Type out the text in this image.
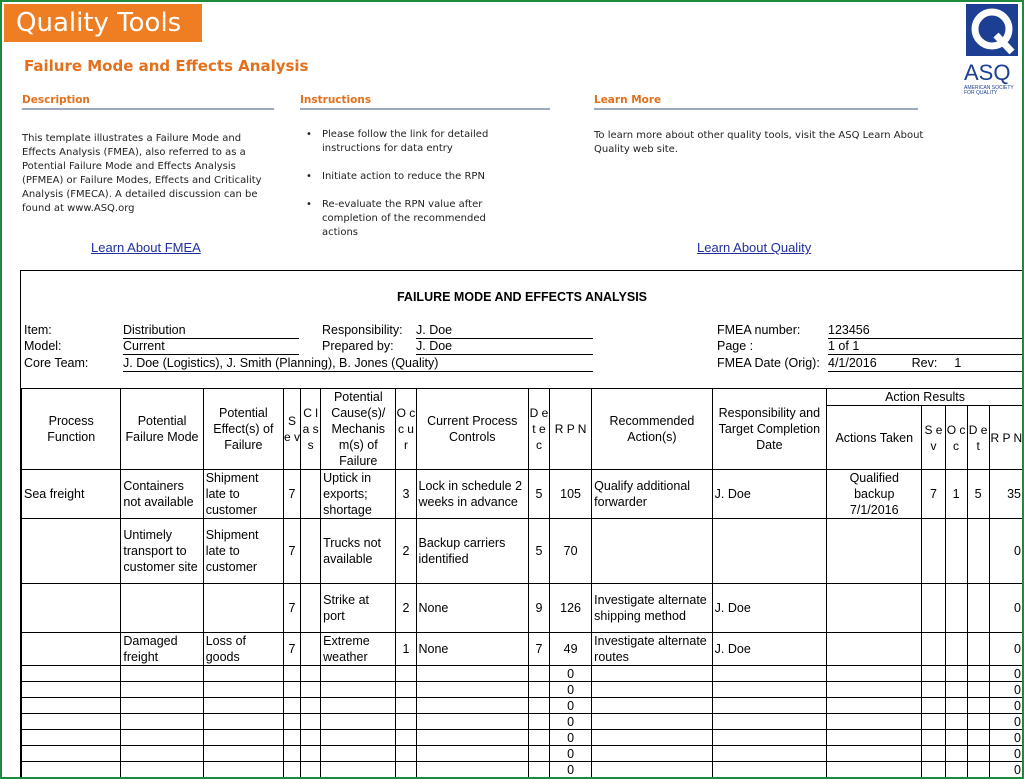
Quality Tools
Failure Mode and Effects Analysis	ASQ
AMERICAN SOCIETY FOR QUALITY
Description
This template illustrates a Failure Mode and Effects Analysis (FMEA), also referred to as a Potential Failure Mode and Effects Analysis (PFMEA) or Failure Modes, Effects and Criticality Analysis (FMECA). A detailed discussion can be found at www.ASQ.org
Learn About FMEA
Instructions
• Please follow the link for detailed instructions for data entry
• Initiate action to reduce the RPN
• Re-evaluate the RPN value after completion of the recommended actions
Learn More
To learn more about other quality tools, visit the ASQ Learn About Quality web site.
Learn About Quality
FAILURE MODE AND EFFECTS ANALYSIS
Item:	Distribution
Model:	Current
Core Team:	J. Doe (Logistics), J. Smith (Planning), B. Jones (Quality)
Responsibility: J. Doe
Prepared by: J. Doe
FMEA number: 123456
Page :	1 of 1
FMEA Date (Orig): 4/1/2016	Rev: 1
Process Function	Potential Failure Mode	Potential Effect(s) of Failure	S e v	C l a s s	Potential Cause(s)/ Mechanis m(s) of Failure	O c c u r	Current Process Controls	D e t e c	R P N	Recommended Action(s)	Responsibility and Target Completion Date	Action Results				
												Actions Taken	S e v	O c c	D e t	R P N
Sea freight	Containers not available	Shipment late to customer	7		Uptick in exports; shortage	3	Lock in schedule 2 weeks in advance	5	105	Qualify additional forwarder	J. Doe	Qualified backup 7/1/2016	7	1	5	35
	Untimely transport to customer site	Shipment late to customer	7		Trucks not available	2	Backup carriers identified	5	70							0
			7		Strike at port	2	None	9	126	Investigate alternate shipping method	J. Doe					0
	Damaged freight	Loss of goods	7		Extreme weather	1	None	7	49	Investigate alternate routes	J. Doe					0
									0							0
									0							0
									0							0
									0							0
									0							0
									0							0
									0							0
